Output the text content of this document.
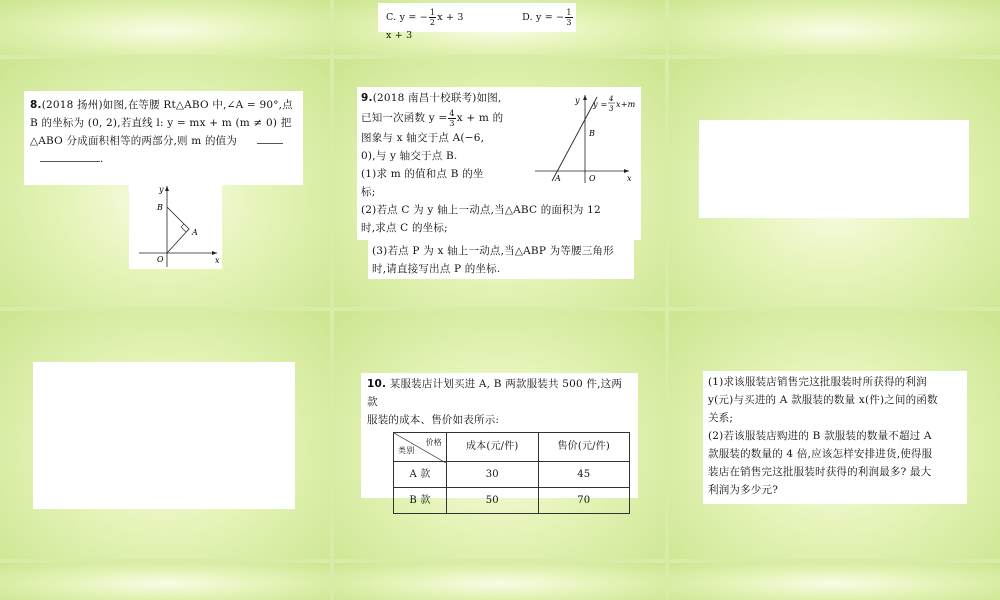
C. y = − $\frac{1}{2}$ x + 3	D. y = − $\frac{1}{3}$
x + 3
8.(2018 扬州)如图,在等腰 Rt△ABO 中,∠A = 90°,点
B 的坐标为 (0, 2),若直线 l: y = mx + m (m ≠ 0) 把
△ABO 分成面积相等的两部分,则 m 的值为
.
y
x
O
B
A
9.(2018 南昌十校联考)如图,
已知一次函数 $y = \frac{4}{3}$ x + m 的
图象与 x 轴交于点 A(−6,
0),与 y 轴交于点 B.
(1)求 m 的值和点 B 的坐
标;
y
x
O
A
B
y =
4
3 x+m
(2)若点 C 为 y 轴上一动点,当△ABC 的面积为 12
时,求点 C 的坐标;
(3)若点 P 为 x 轴上一动点,当△ABP 为等腰三角形
时,请直接写出点 P 的坐标.
10. 某服装店计划买进 A, B 两款服装共 500 件,这两款
服装的成本、售价如表所示:
价格
类别	成本(元/件)	售价(元/件)
A 款	30	45
B 款	50	70
(1)求该服装店销售完这批服装时所获得的利润
y(元)与买进的 A 款服装的数量 x(件)之间的函数
关系;
(2)若该服装店购进的 B 款服装的数量不超过 A
款服装的数量的 4 倍,应该怎样安排进货,使得服
装店在销售完这批服装时获得的利润最多? 最大
利润为多少元?
